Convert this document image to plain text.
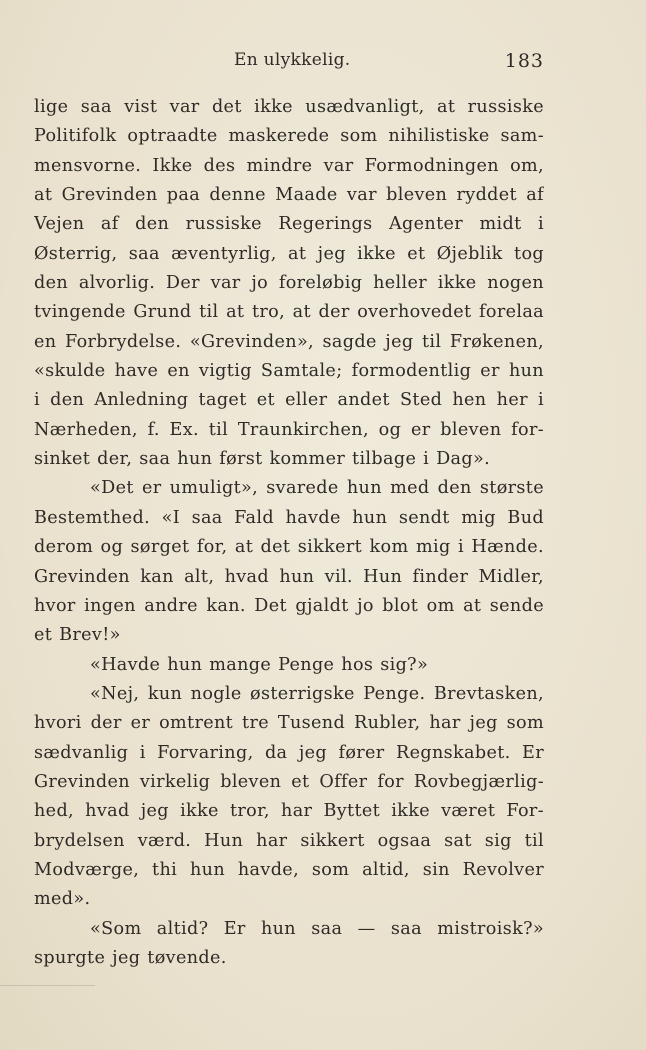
En ulykkelig.	183
lige saa vist var det ikke usædvanligt, at russiske
Politifolk optraadte maskerede som nihilistiske sam-
mensvorne. Ikke des mindre var Formodningen om,
at Grevinden paa denne Maade var bleven ryddet af
Vejen af den russiske Regerings Agenter midt i
Østerrig, saa æventyrlig, at jeg ikke et Øjeblik tog
den alvorlig. Der var jo foreløbig heller ikke nogen
tvingende Grund til at tro, at der overhovedet forelaa
en Forbrydelse. «Grevinden», sagde jeg til Frøkenen,
«skulde have en vigtig Samtale; formodentlig er hun
i den Anledning taget et eller andet Sted hen her i
Nærheden, f. Ex. til Traunkirchen, og er bleven for-
sinket der, saa hun først kommer tilbage i Dag».
«Det er umuligt», svarede hun med den største
Bestemthed. «I saa Fald havde hun sendt mig Bud
derom og sørget for, at det sikkert kom mig i Hænde.
Grevinden kan alt, hvad hun vil. Hun finder Midler,
hvor ingen andre kan. Det gjaldt jo blot om at sende
et Brev!»
«Havde hun mange Penge hos sig?»
«Nej, kun nogle østerrigske Penge. Brevtasken,
hvori der er omtrent tre Tusend Rubler, har jeg som
sædvanlig i Forvaring, da jeg fører Regnskabet. Er
Grevinden virkelig bleven et Offer for Rovbegjærlig-
hed, hvad jeg ikke tror, har Byttet ikke været For-
brydelsen værd. Hun har sikkert ogsaa sat sig til
Modværge, thi hun havde, som altid, sin Revolver
med».
«Som altid? Er hun saa — saa mistroisk?»
spurgte jeg tøvende.
